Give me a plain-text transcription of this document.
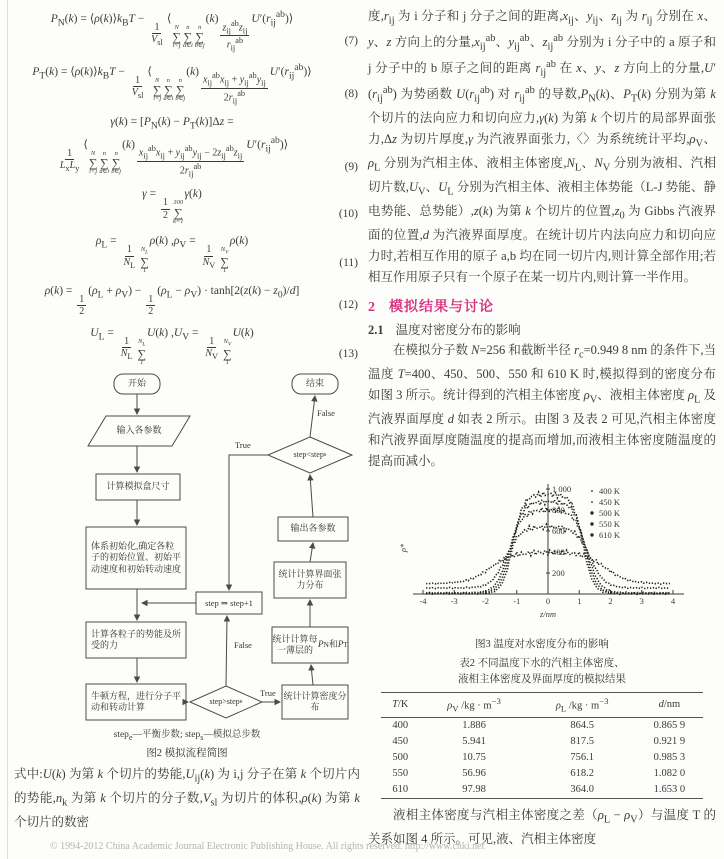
$P_N(k)$ = $⟨\rho(k)⟩k_BT$ −
1
$V_{sl}$
⟨
N
∑
i<j
n
∑
a∈i
n
∑
b∈j
(k)
$z_{ij}^{ab}z_{ij}$
$r_{ij}^{ab}$
$U'(r_{ij}^{ab})⟩$
(7)
$P_T(k)$ = $⟨\rho(k)⟩k_BT$ −
1
$V_{sl}$
⟨
N
∑
i<j
n
∑
a∈i
n
∑
b∈j
(k)
$x_{ij}^{ab}x_{ij} + y_{ij}^{ab}y_{ij}$
$2r_{ij}^{ab}$
$U'(r_{ij}^{ab})⟩$
(8)
$\gamma(k) = [P_N(k) - P_T(k)]\Delta z$ =

1
$L_xL_y$
⟨
N
∑
i<j
n
∑
a∈i
n
∑
b∈j
(k)
$x_{ij}^{ab}x_{ij} + y_{ij}^{ab}y_{ij} - 2z_{ij}^{ab}z_{ij}$
$2r_{ij}^{ab}$
$U'(r_{ij}^{ab})⟩$
(9)
γ =
$\frac{1}{2} 300$
∑
k=1
γ(k)
(10)
$\rho_L$ =
$\frac{1}{N_L} N_L$
∑
1
ρ(k) $,\rho_V$ =
$\frac{1}{N_V} N_V$
∑
1
ρ(k)
(11)
ρ(k) =
$\frac{1}{2}$
$(\rho_L + \rho_V)$ −
$\frac{1}{2}$
$(\rho_L - \rho_V) \cdot \tanh[2(z(k) - z_0)/d]$
(12)
$U_L$ =
$\frac{1}{N_L} N_L$
∑
1
U(k) $,U_V$ =
$\frac{1}{N_V} N_V$
∑
1
U(k)
(13)
开始	结束
输入各参数
计算模拟盒尺寸
体系初始化,确定各粒子的初始位置、初始平动速度和初始转动速度
step ⇒ step+1
计算各粒子的势能及所受的力
牛顿方程，进行分子平动和转动计算
step>step e
统计计算密度分布
统计计算每一薄层的
P N 和 P T
统计计算界面张力分布
输出各参数
step<step s
True
False
False
True
step$_e$—平衡步数; step$_s$—模拟总步数
图2 模拟流程简图
式中:U(k) 为第 k 个切片的势能$,U_{ij}(k)$ 为 i,j 分子在第 k 个切片内的势能$,n_k$ 为第 k 个切片的分子数$,V_{sl}$ 为切片的体积,ρ(k) 为第 k 个切片的数密
度$,r_{ij}$ 为 i 分子和 j 分子之间的距离$,x_{ij}$、$y_{ij}$、$z_{ij}$ 为 $r_{ij}$ 分别在 x、y、z 方向上的分量$,x_{ij}^{ab}$、$y_{ij}^{ab}$、$z_{ij}^{ab}$ 分别为 i 分子中的 a 原子和 j 分子中的 b 原子之间的距离 $r_{ij}^{ab}$ 在 x、y、z 方向上的分量$,U'(r_{ij}^{ab})$ 为势函数 $U(r_{ij}^{ab})$ 对 $r_{ij}^{ab}$ 的导数$,P_N(k)$、$P_T(k)$ 分别为第 k 个切片的法向应力和切向应力,γ(k) 为第 k 个切片的局部界面张力,Δz 为切片厚度,γ 为汽液界面张力,〈〉为系统统计平均$,\rho_V$、$\rho_L$ 分别为汽相主体、液相主体密度$,N_L$、$N_V$ 分别为液相、汽相切片数$,U_V$、$U_L$ 分别为汽相主体、液相主体势能（L-J 势能、静电势能、总势能）,z(k) 为第 k 个切片的位置$,z_0$ 为 Gibbs 汽液界面的位置,d 为汽液界面厚度。在统计切片内法向应力和切向应力时,若相互作用的原子 a,b 均在同一切片内,则计算全部作用;若相互作用原子只有一个原子在某一切片内,则计算一半作用。
2 模拟结果与讨论
2.1 温度对密度分布的影响
在模拟分子数 N=256 和截断半径 $r_c=0.949$ 8 nm 的条件下,当温度 T=400、450、500、550 和 610 K 时,模拟得到的密度分布如图 3 所示。统计得到的汽相主体密度 $\rho_V$、液相主体密度 $\rho_L$ 及汽液界面厚度 d 如表 2 所示。由图 3 及表 2 可见,汽相主体密度和汽液界面厚度随温度的提高而增加,而液相主体密度随温度的提高而减小。
200
400
600
800
1 000
-4	-3	-2	-1	0	1	2	3	4
z/nm
ρ*
400 K
450 K
500 K
550 K
610 K
图3 温度对水密度分布的影响
表2 不同温度下水的汽相主体密度、
液相主体密度及界面厚度的模拟结果
T/K	$\rho_V$ $/kg \cdot m^{-3}$	$\rho_L$ $/kg \cdot m^{-3}$	d/nm
400	1.886	864.5	0.865 9
450	5.941	817.5	0.921 9
500	10.75	756.1	0.985 3
550	56.96	618.2	1.082 0
610	97.98	364.0	1.653 0
液相主体密度与汽相主体密度之差$(\rho_L - \rho_V)$与温度 T 的关系如图 4 所示。可见,液、汽相主体密度
© 1994-2012 China Academic Journal Electronic Publishing House. All rights reserved. http://www.cnki.net
